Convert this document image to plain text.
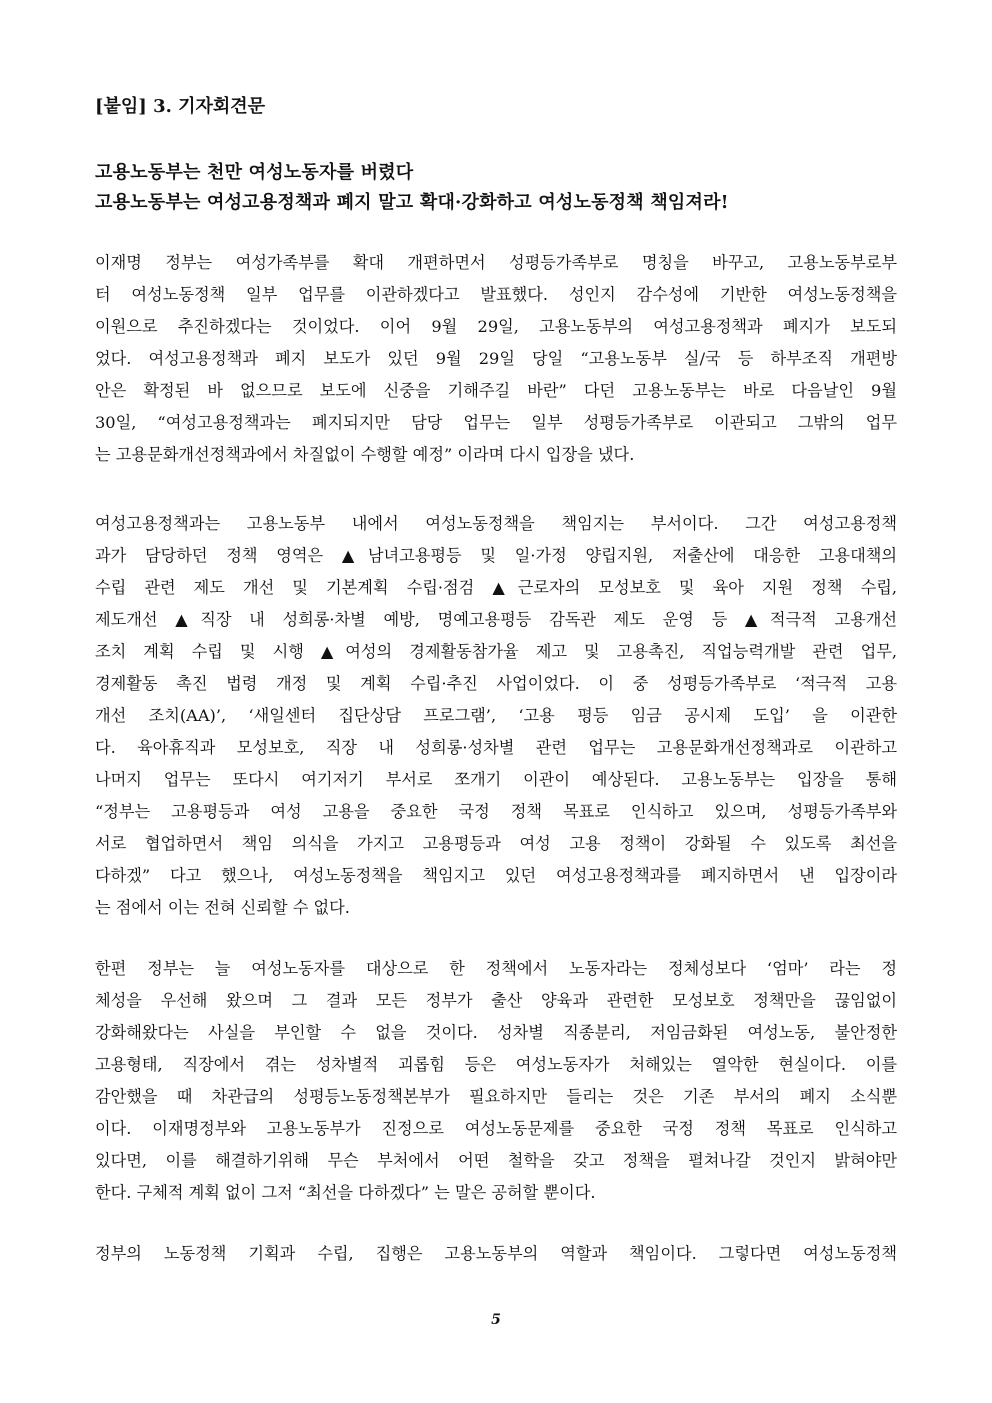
[붙임] 3. 기자회견문
고용노동부는 천만 여성노동자를 버렸다
고용노동부는 여성고용정책과 폐지 말고 확대·강화하고 여성노동정책 책임져라!
이재명 정부는 여성가족부를 확대 개편하면서 성평등가족부로 명칭을 바꾸고, 고용노동부로부
터 여성노동정책 일부 업무를 이관하겠다고 발표했다. 성인지 감수성에 기반한 여성노동정책을
이원으로 추진하겠다는 것이었다. 이어 9월 29일, 고용노동부의 여성고용정책과 폐지가 보도되
었다. 여성고용정책과 폐지 보도가 있던 9월 29일 당일 “고용노동부 실/국 등 하부조직 개편방
안은 확정된 바 없으므로 보도에 신중을 기해주길 바란” 다던 고용노동부는 바로 다음날인 9월
30일, “여성고용정책과는 폐지되지만 담당 업무는 일부 성평등가족부로 이관되고 그밖의 업무
는 고용문화개선정책과에서 차질없이 수행할 예정” 이라며 다시 입장을 냈다.
여성고용정책과는 고용노동부 내에서 여성노동정책을 책임지는 부서이다. 그간 여성고용정책
과가 담당하던 정책 영역은 ▲남녀고용평등 및 일·가정 양립지원, 저출산에 대응한 고용대책의
수립 관련 제도 개선 및 기본계획 수립·점검 ▲근로자의 모성보호 및 육아 지원 정책 수립,
제도개선 ▲직장 내 성희롱·차별 예방, 명예고용평등 감독관 제도 운영 등 ▲적극적 고용개선
조치 계획 수립 및 시행 ▲여성의 경제활동참가율 제고 및 고용촉진, 직업능력개발 관련 업무,
경제활동 촉진 법령 개정 및 계획 수립·추진 사업이었다. 이 중 성평등가족부로 ‘적극적 고용
개선 조치(AA)’, ‘새일센터 집단상담 프로그램’, ‘고용 평등 임금 공시제 도입’ 을 이관한
다. 육아휴직과 모성보호, 직장 내 성희롱·성차별 관련 업무는 고용문화개선정책과로 이관하고
나머지 업무는 또다시 여기저기 부서로 쪼개기 이관이 예상된다. 고용노동부는 입장을 통해
“정부는 고용평등과 여성 고용을 중요한 국정 정책 목표로 인식하고 있으며, 성평등가족부와
서로 협업하면서 책임 의식을 가지고 고용평등과 여성 고용 정책이 강화될 수 있도록 최선을
다하겠” 다고 했으나, 여성노동정책을 책임지고 있던 여성고용정책과를 폐지하면서 낸 입장이라
는 점에서 이는 전혀 신뢰할 수 없다.
한편 정부는 늘 여성노동자를 대상으로 한 정책에서 노동자라는 정체성보다 ‘엄마’ 라는 정
체성을 우선해 왔으며 그 결과 모든 정부가 출산 양육과 관련한 모성보호 정책만을 끊임없이
강화해왔다는 사실을 부인할 수 없을 것이다. 성차별 직종분리, 저임금화된 여성노동, 불안정한
고용형태, 직장에서 겪는 성차별적 괴롭힘 등은 여성노동자가 처해있는 열악한 현실이다. 이를
감안했을 때 차관급의 성평등노동정책본부가 필요하지만 들리는 것은 기존 부서의 폐지 소식뿐
이다. 이재명정부와 고용노동부가 진정으로 여성노동문제를 중요한 국정 정책 목표로 인식하고
있다면, 이를 해결하기위해 무슨 부처에서 어떤 철학을 갖고 정책을 펼쳐나갈 것인지 밝혀야만
한다. 구체적 계획 없이 그저 “최선을 다하겠다” 는 말은 공허할 뿐이다.
정부의 노동정책 기획과 수립, 집행은 고용노동부의 역할과 책임이다. 그렇다면 여성노동정책
5
